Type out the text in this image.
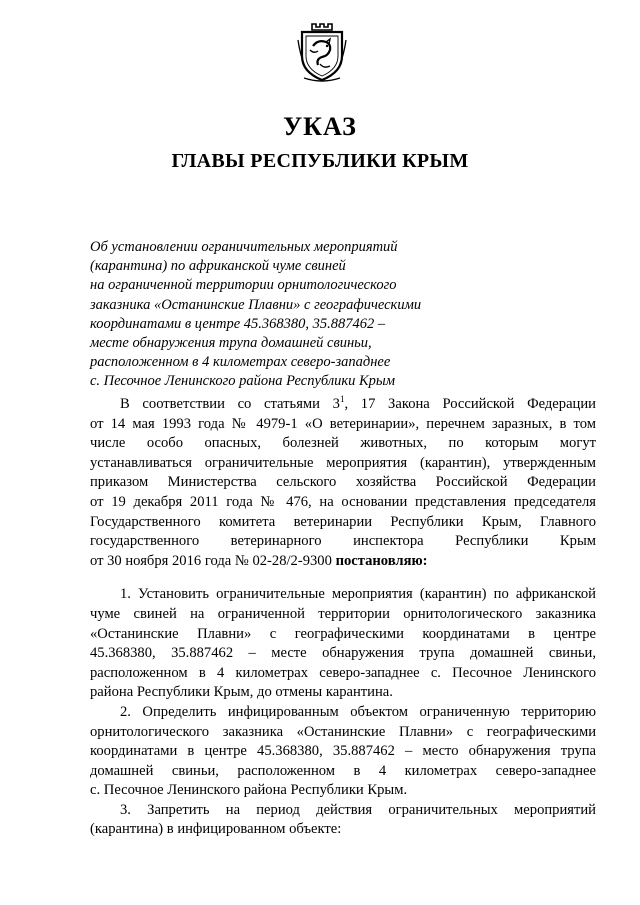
УКАЗ
ГЛАВЫ РЕСПУБЛИКИ КРЫМ
Об установлении ограничительных мероприятий
(карантина) по африканской чуме свиней
на ограниченной территории орнитологического
заказника «Останинские Плавни» с географическими
координатами в центре 45.368380, 35.887462 –
месте обнаружения трупа домашней свиньи,
расположенном в 4 километрах северо-западнее
с. Песочное Ленинского района Республики Крым
В соответствии со статьями $3^1$, 17 Закона Российской Федерации
от 14 мая 1993 года № 4979-1 «О ветеринарии», перечнем заразных, в том
числе особо опасных, болезней животных, по которым могут
устанавливаться ограничительные мероприятия (карантин), утвержденным
приказом Министерства сельского хозяйства Российской Федерации
от 19 декабря 2011 года № 476, на основании представления председателя
Государственного комитета ветеринарии Республики Крым, Главного
государственного ветеринарного инспектора Республики Крым
от 30 ноября 2016 года № 02-28/2-9300 постановляю:
1. Установить ограничительные мероприятия (карантин) по африканской
чуме свиней на ограниченной территории орнитологического заказника
«Останинские Плавни» с географическими координатами в центре
45.368380, 35.887462 – месте обнаружения трупа домашней свиньи,
расположенном в 4 километрах северо-западнее с. Песочное Ленинского
района Республики Крым, до отмены карантина.
2. Определить инфицированным объектом ограниченную территорию
орнитологического заказника «Останинские Плавни» с географическими
координатами в центре 45.368380, 35.887462 – место обнаружения трупа
домашней свиньи, расположенном в 4 километрах северо-западнее
с. Песочное Ленинского района Республики Крым.
3. Запретить на период действия ограничительных мероприятий
(карантина) в инфицированном объекте:
